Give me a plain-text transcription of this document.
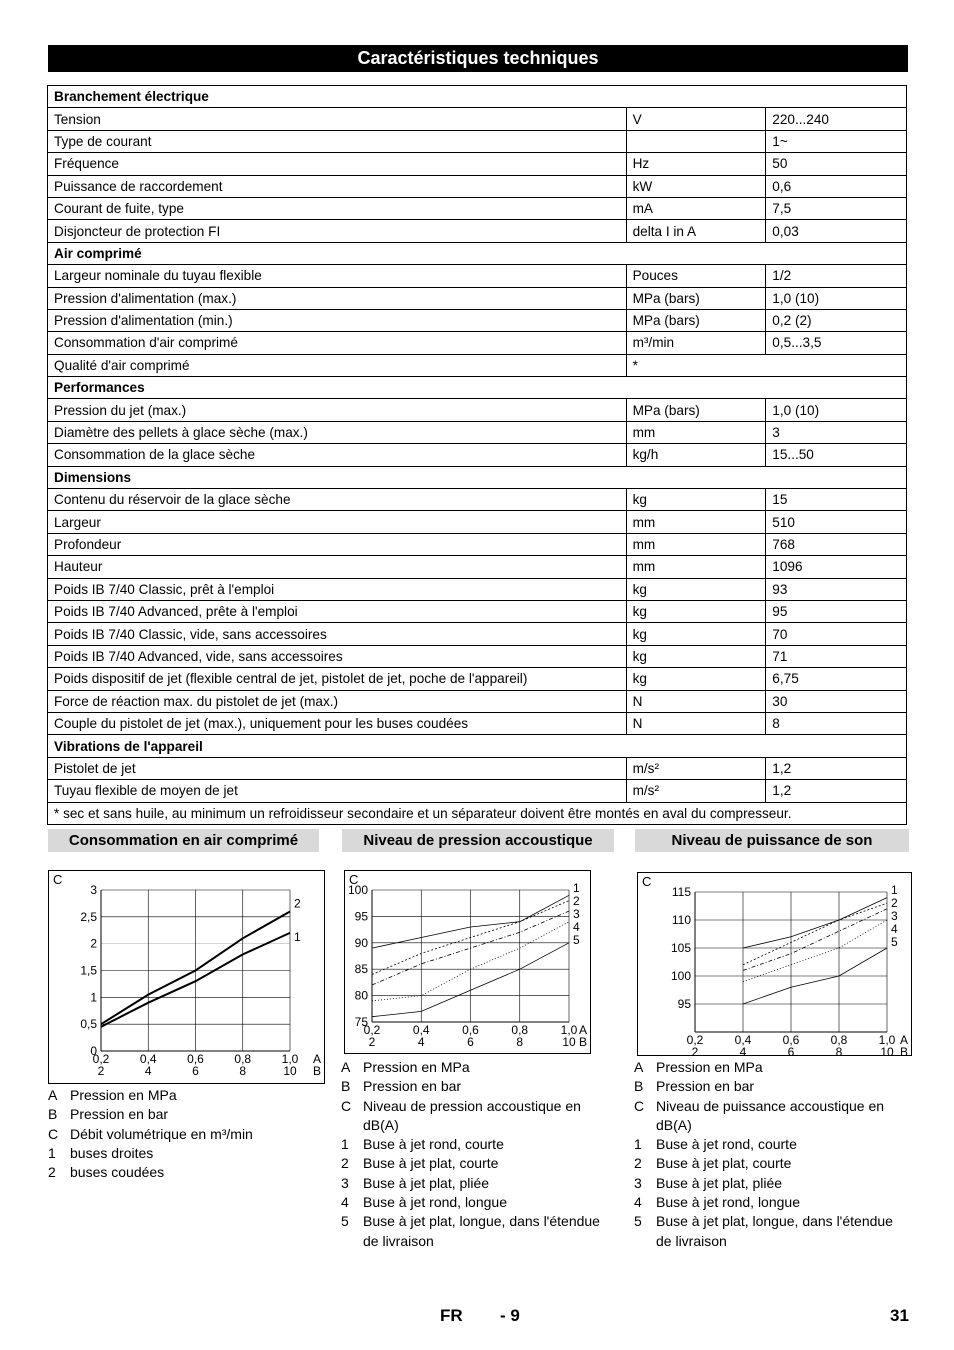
Caractéristiques techniques
Branchement électrique		
Tension	V	220...240
Type de courant		1~
Fréquence	Hz	50
Puissance de raccordement	kW	0,6
Courant de fuite, type	mA	7,5
Disjoncteur de protection FI	delta I in A	0,03
Air comprimé		
Largeur nominale du tuyau flexible	Pouces	1/2
Pression d'alimentation (max.)	MPa (bars)	1,0 (10)
Pression d'alimentation (min.)	MPa (bars)	0,2 (2)
Consommation d'air comprimé	m³/min	0,5...3,5
Qualité d'air comprimé	*	
Performances		
Pression du jet (max.)	MPa (bars)	1,0 (10)
Diamètre des pellets à glace sèche (max.)	mm	3
Consommation de la glace sèche	kg/h	15...50
Dimensions		
Contenu du réservoir de la glace sèche	kg	15
Largeur	mm	510
Profondeur	mm	768
Hauteur	mm	1096
Poids IB 7/40 Classic, prêt à l'emploi	kg	93
Poids IB 7/40 Advanced, prête à l'emploi	kg	95
Poids IB 7/40 Classic, vide, sans accessoires	kg	70
Poids IB 7/40 Advanced, vide, sans accessoires	kg	71
Poids dispositif de jet (flexible central de jet, pistolet de jet, poche de l'appareil)	kg	6,75
Force de réaction max. du pistolet de jet (max.)	N	30
Couple du pistolet de jet (max.), uniquement pour les buses coudées	N	8
Vibrations de l'appareil		
Pistolet de jet	m/s²	1,2
Tuyau flexible de moyen de jet	m/s²	1,2
* sec et sans huile, au minimum un refroidisseur secondaire et un séparateur doivent être montés en aval du compresseur.		
Consommation en air comprimé	Niveau de pression accoustique	Niveau de puissance de son
0
0,5
1
1,5
2
2,5
3
0,2
2
0,4
4
0,6
6
0,8
8
1,0
10
C
A
B
1
2
75
80
85
90
95
100
0,2
2
0,4
4
0,6
6
0,8
8
1,0
10
C
A
B
1
2
3
4
5
95
100
105
110
115
0,2
2
0,4
4
0,6
6
0,8
8
1,0
10
C
A
B
1
2
3
4
5
A Pression en MPa
B Pression en bar
C Débit volumétrique en m³/min
1	buses droites
2	buses coudées
A Pression en MPa
B Pression en bar
C Niveau de pression accoustique en dB(A)
1	Buse à jet rond, courte
2	Buse à jet plat, courte
3	Buse à jet plat, pliée
4	Buse à jet rond, longue
5	Buse à jet plat, longue, dans l'étendue de livraison
A Pression en MPa
B Pression en bar
C Niveau de puissance accoustique en dB(A)
1	Buse à jet rond, courte
2	Buse à jet plat, courte
3	Buse à jet plat, pliée
4	Buse à jet rond, longue
5	Buse à jet plat, longue, dans l'étendue de livraison
FR - 9	31
